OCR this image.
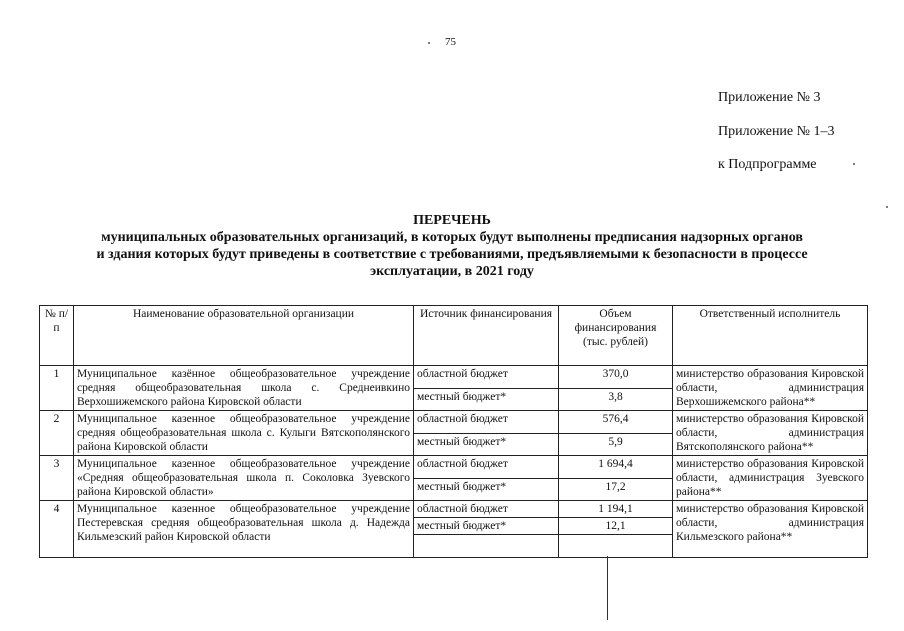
75
Приложение № 3
Приложение № 1–3
к Подпрограмме
ПЕРЕЧЕНЬ
муниципальных образовательных организаций, в которых будут выполнены предписания надзорных органов
и здания которых будут приведены в соответствие с требованиями, предъявляемыми к безопасности в процессе
эксплуатации, в 2021 году
№ п/п	Наименование образовательной организации	Источник финансирования	Объем финансирования (тыс. рублей)	Ответственный исполнитель
1	Муниципальное казённое общеобразовательное учреждение средняя общеобразовательная школа с. Среднеивкино Верхошижемского района Кировской области	областной бюджет	370,0	министерство образования Кировской области, администрация Верхошижемского района**
		местный бюджет*	3,8	
2	Муниципальное казенное общеобразовательное учреждение средняя общеобразовательная школа с. Кулыги Вятскополянского района Кировской области	областной бюджет	576,4	министерство образования Кировской области, администрация Вятскополянского района**
		местный бюджет*	5,9	
3	Муниципальное казенное общеобразовательное учреждение «Средняя общеобразовательная школа п. Соколовка Зуевского района Кировской области»	областной бюджет	1 694,4	министерство образования Кировской области, администрация Зуевского района**
		местный бюджет*	17,2	
4	Муниципальное казенное общеобразовательное учреждение Пестеревская средняя общеобразовательная школа д. Надежда Кильмезский район Кировской области	областной бюджет	1 194,1	министерство образования Кировской области, администрация Кильмезского района**
		местный бюджет*	12,1	
